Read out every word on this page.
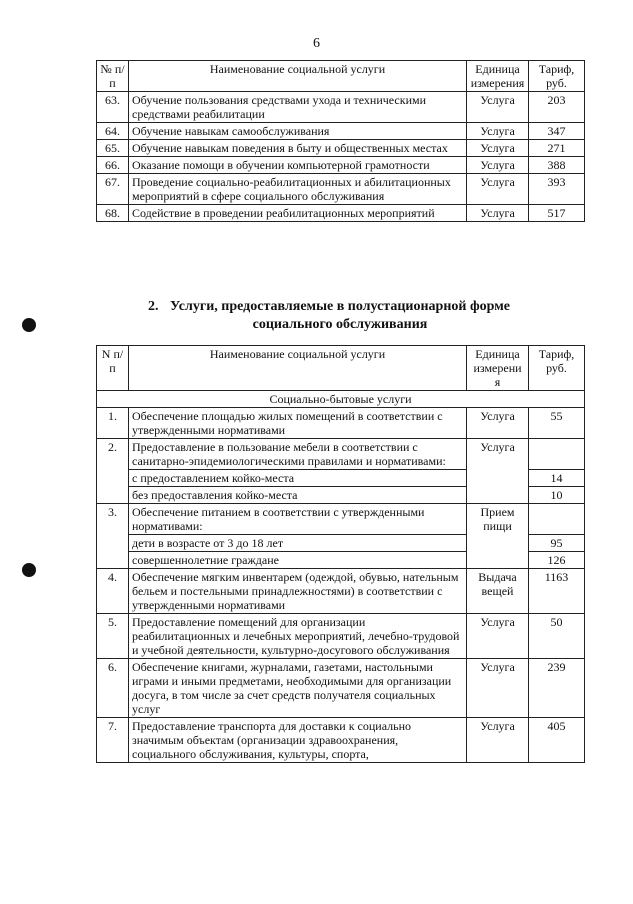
6
№ п/п	Наименование социальной услуги	Единица измерения	Тариф, руб.
63.	Обучение пользования средствами ухода и техническими средствами реабилитации	Услуга	203
64.	Обучение навыкам самообслуживания	Услуга	347
65.	Обучение навыкам поведения в быту и общественных местах	Услуга	271
66.	Оказание помощи в обучении компьютерной грамотности	Услуга	388
67.	Проведение социально-реабилитационных и абилитационных мероприятий в сфере социального обслуживания	Услуга	393
68.	Содействие в проведении реабилитационных мероприятий	Услуга	517
2. Услуги, предоставляемые в полустационарной форме
социального обслуживания
N п/п	Наименование социальной услуги	Единица измерени я	Тариф, руб.
Социально-бытовые услуги			
1.	Обеспечение площадью жилых помещений в соответствии с утвержденными нормативами	Услуга	55
2.	Предоставление в пользование мебели в соответствии с санитарно-эпидемиологическими правилами и нормативами:	Услуга	
	с предоставлением койко-места		14
	без предоставления койко-места		10
3.	Обеспечение питанием в соответствии с утвержденными нормативами:	Прием пищи	
	дети в возрасте от 3 до 18 лет		95
	совершеннолетние граждане		126
4.	Обеспечение мягким инвентарем (одеждой, обувью, нательным бельем и постельными принадлежностями) в соответствии с утвержденными нормативами	Выдача вещей	1163
5.	Предоставление помещений для организации реабилитационных и лечебных мероприятий, лечебно-трудовой и учебной деятельности, культурно-досугового обслуживания	Услуга	50
6.	Обеспечение книгами, журналами, газетами, настольными играми и иными предметами, необходимыми для организации досуга, в том числе за счет средств получателя социальных услуг	Услуга	239
7.	Предоставление транспорта для доставки к социально значимым объектам (организации здравоохранения, социального обслуживания, культуры, спорта,	Услуга	405
